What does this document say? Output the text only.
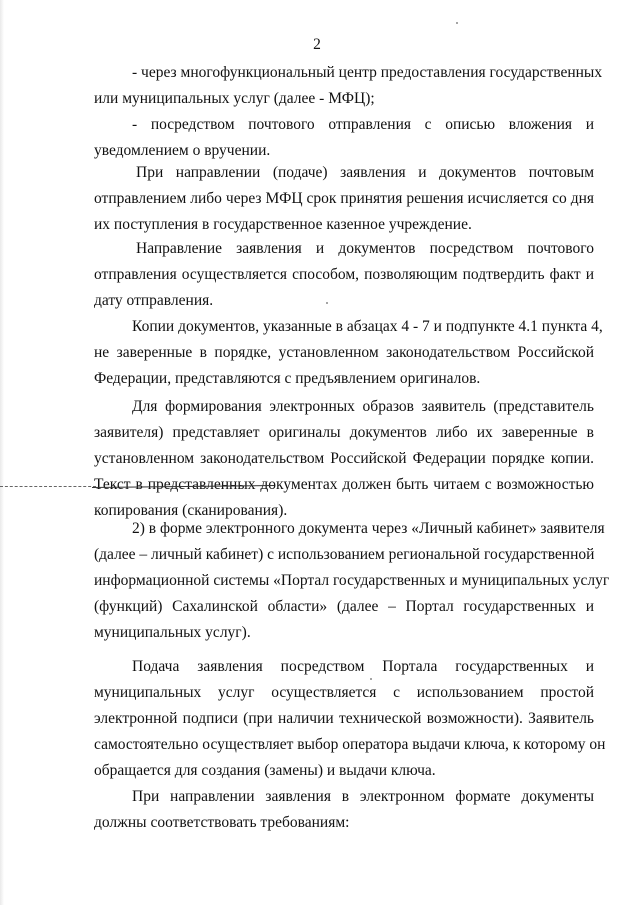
2
- через многофункциональный центр предоставления государственных
или муниципальных услуг (далее - МФЦ);
- посредством почтового отправления с описью вложения и
уведомлением о вручении.
При направлении (подаче) заявления и документов почтовым
отправлением либо через МФЦ срок принятия решения исчисляется со дня
их поступления в государственное казенное учреждение.
Направление заявления и документов посредством почтового
отправления осуществляется способом, позволяющим подтвердить факт и
дату отправления.
Копии документов, указанные в абзацах 4 - 7 и подпункте 4.1 пункта 4,
не заверенные в порядке, установленном законодательством Российской
Федерации, представляются с предъявлением оригиналов.
Для формирования электронных образов заявитель (представитель
заявителя) представляет оригиналы документов либо их заверенные в
установленном законодательством Российской Федерации порядке копии.
Текст в представленных документах должен быть читаем с возможностью
копирования (сканирования).
2) в форме электронного документа через «Личный кабинет» заявителя
(далее – личный кабинет) с использованием региональной государственной
информационной системы «Портал государственных и муниципальных услуг
(функций) Сахалинской области» (далее – Портал государственных и
муниципальных услуг).
Подача заявления посредством Портала государственных и
муниципальных услуг осуществляется с использованием простой
электронной подписи (при наличии технической возможности). Заявитель
самостоятельно осуществляет выбор оператора выдачи ключа, к которому он
обращается для создания (замены) и выдачи ключа.
При направлении заявления в электронном формате документы
должны соответствовать требованиям:
